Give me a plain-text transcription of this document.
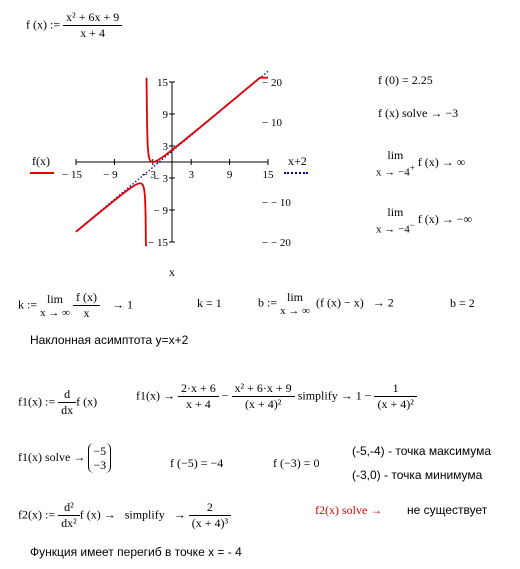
f (x) := $\frac{\text{x² + 6x + 9}}{x + 4}$
− 15 − 9 − 3	3	9	15
15
9
3
− 3
− 9
− 15
− 20
− 10
− − 10
− − 20
f(x)	x+2
x
f (0) = 2.25
f (x) solve → −3
lim
x → −4+ f (x) → ∞
lim
x → −4− f (x) → −∞
k := lim
x → ∞
$\frac{f (x)}{x} \to 1$	k = 1	b := lim
x → ∞
(f (x) − x) → 2	b = 2
Наклонная асимптота y=x+2
f1(x) := $\frac{d}{dx}$ f (x)	$f1(x) \to \frac{2\cdot x + 6}{x + 4} - \frac{\text{x² + 6·x + 9}}{\text{(x + 4)²}}$ simplify → $1 - \frac{1}{\text{(x + 4)²}}$
f1(x) solve → −5
−3	f (−5) = −4	f (−3) = 0
(-5,-4) - точка максимума
(-3,0) - точка минимума
f2(x) := $\frac{\text{d²}}{\text{dx²}}$ f (x) → simplify → $\frac{2}{\text{(x + 4)³}}$	f2(x) solve → не существует
Функция имеет перегиб в точке x = - 4
